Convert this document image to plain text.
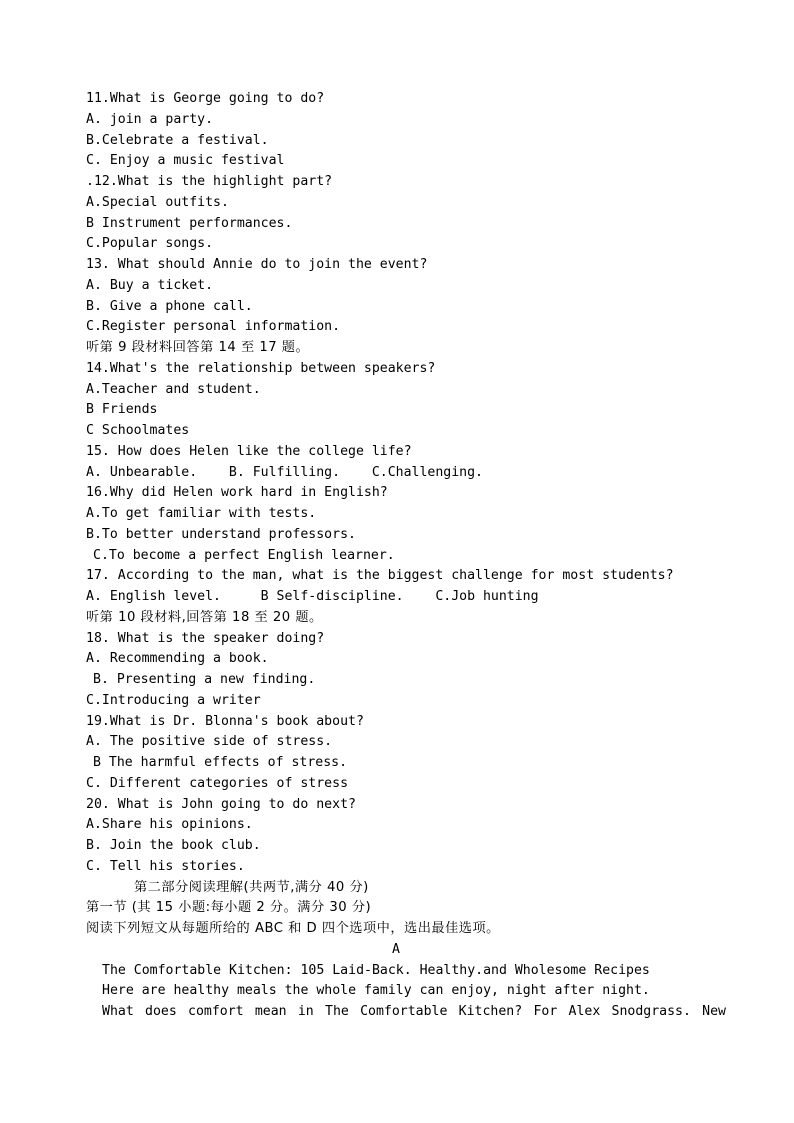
11.What is George going to do?
A. join a party.
B.Celebrate a festival.
C. Enjoy a music festival
.12.What is the highlight part?
A.Special outfits.
B Instrument performances.
C.Popular songs.
13. What should Annie do to join the event?
A. Buy a ticket.
B. Give a phone call.
C.Register personal information.
听第 9 段材料回答第 14 至 17 题。
14.What's the relationship between speakers?
A.Teacher and student.
B Friends
C Schoolmates
15. How does Helen like the college life?
A. Unbearable.    B. Fulfilling.    C.Challenging.
16.Why did Helen work hard in English?
A.To get familiar with tests.
B.To better understand professors.
C.To become a perfect English learner.
17. According to the man, what is the biggest challenge for most students?
A. English level.     B Self-discipline.    C.Job hunting
听第 10 段材料,回答第 18 至 20 题。
18. What is the speaker doing?
A. Recommending a book.
B. Presenting a new finding.
C.Introducing a writer
19.What is Dr. Blonna's book about?
A. The positive side of stress.
B The harmful effects of stress.
C. Different categories of stress
20. What is John going to do next?
A.Share his opinions.
B. Join the book club.
C. Tell his stories.
第二部分阅读理解(共两节,满分 40 分)
第一节 (其 15 小题:每小题 2 分。满分 30 分)
阅读下列短文从每题所给的 ABC 和 D 四个选项中，选出最佳选项。
A
The Comfortable Kitchen: 105 Laid-Back. Healthy.and Wholesome Recipes
Here are healthy meals the whole family can enjoy, night after night.
What does comfort mean in The Comfortable Kitchen? For Alex Snodgrass. New
